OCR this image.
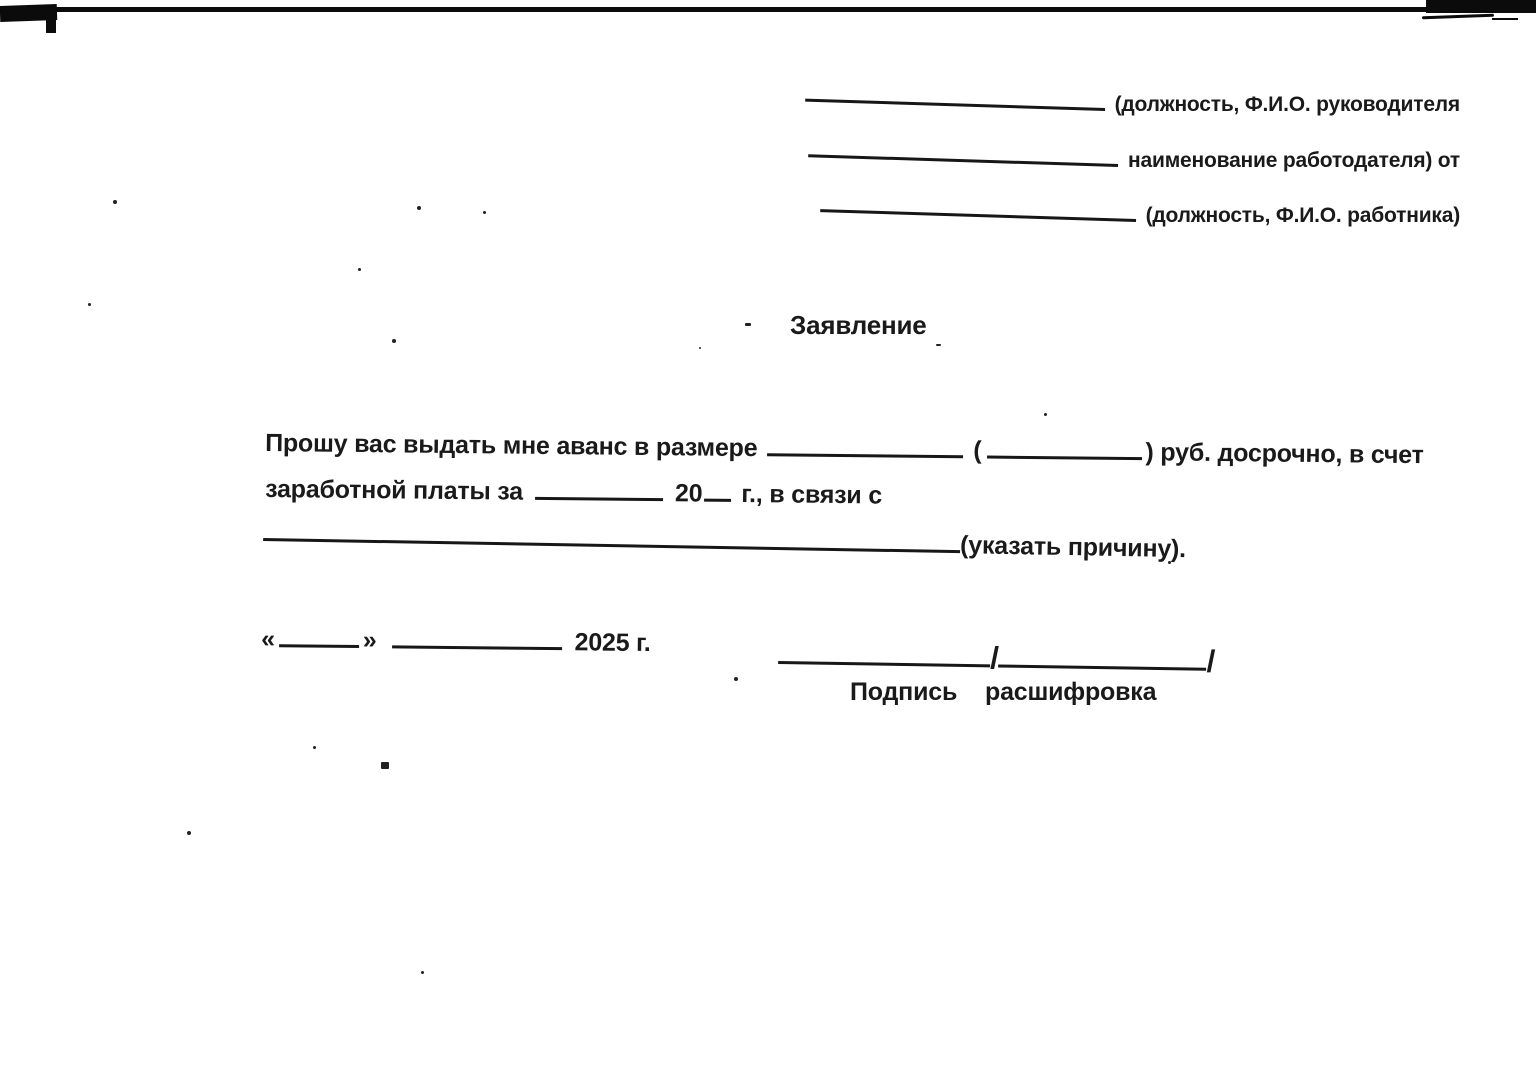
(должность, Ф.И.О. руководителя
наименование работодателя) от
(должность, Ф.И.О. работника)
Заявление
Прошу вас выдать мне аванс в размере	(	) руб. досрочно, в счет
заработной платы за	20 г., в связи с
(указать причину).
«	»	2025 г.	/	/
Подпись расшифровка
